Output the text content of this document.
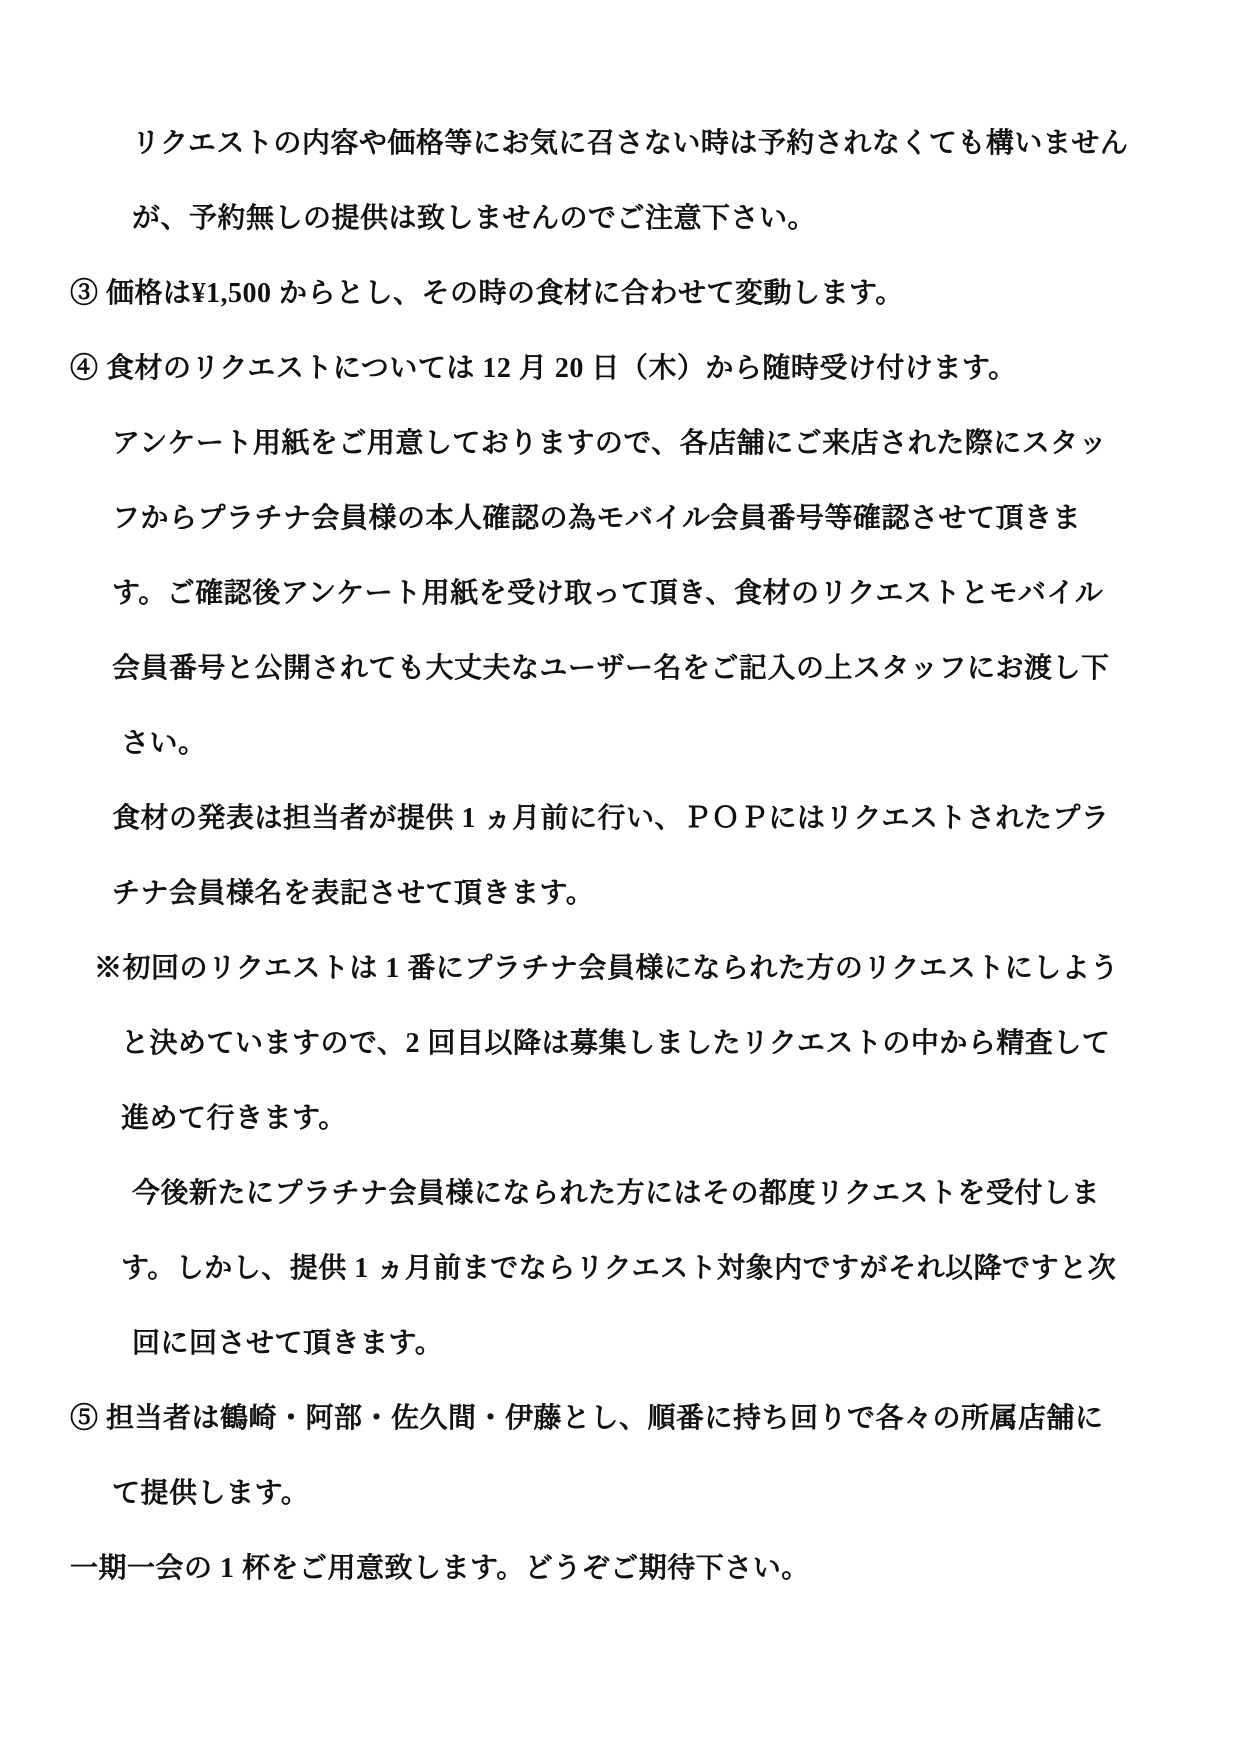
リクエストの内容や価格等にお気に召さない時は予約されなくても構いません
が、予約無しの提供は致しませんのでご注意下さい。
③ 価格は¥1,500 からとし、その時の食材に合わせて変動します。
④ 食材のリクエストについては 12 月 20 日（木）から随時受け付けます。
アンケート用紙をご用意しておりますので、各店舗にご来店された際にスタッ
フからプラチナ会員様の本人確認の為モバイル会員番号等確認させて頂きま
す。ご確認後アンケート用紙を受け取って頂き、食材のリクエストとモバイル
会員番号と公開されても大丈夫なユーザー名をご記入の上スタッフにお渡し下
さい。
食材の発表は担当者が提供 1 ヵ月前に行い、ＰＯＰにはリクエストされたプラ
チナ会員様名を表記させて頂きます。
※初回のリクエストは 1 番にプラチナ会員様になられた方のリクエストにしよう
と決めていますので、2 回目以降は募集しましたリクエストの中から精査して
進めて行きます。
今後新たにプラチナ会員様になられた方にはその都度リクエストを受付しま
す。しかし、提供 1 ヵ月前までならリクエスト対象内ですがそれ以降ですと次
回に回させて頂きます。
⑤ 担当者は鶴崎・阿部・佐久間・伊藤とし、順番に持ち回りで各々の所属店舗に
て提供します。
一期一会の 1 杯をご用意致します。どうぞご期待下さい。
